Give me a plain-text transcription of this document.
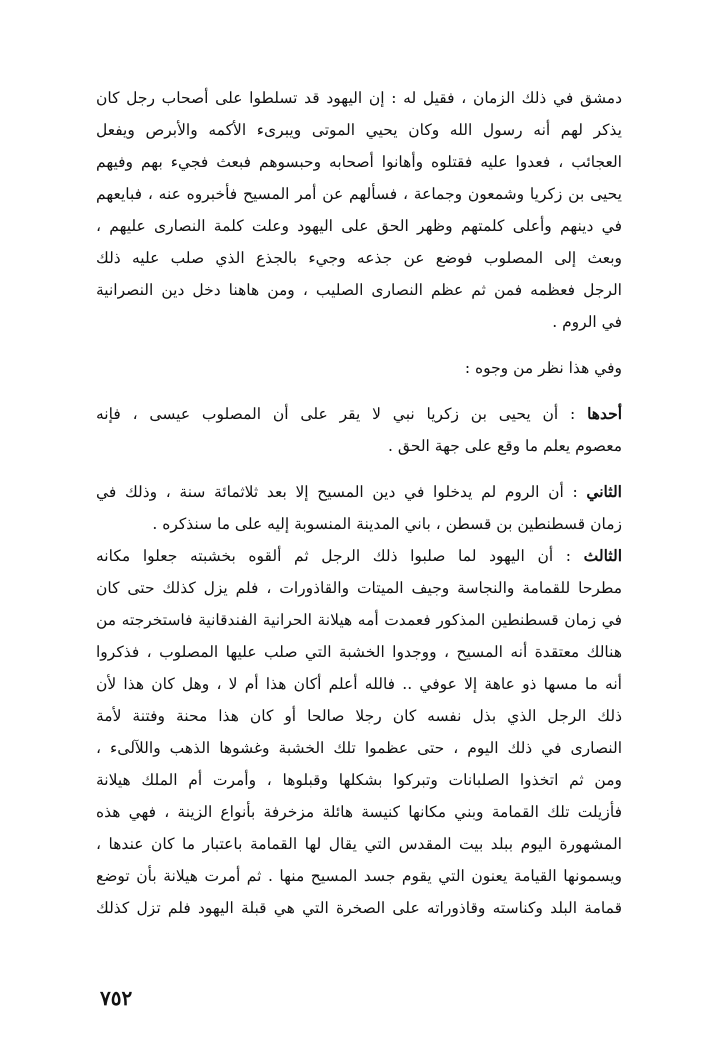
دمشق في ذلك الزمان ، فقيل له : إن اليهود قد تسلطوا على أصحاب رجل كان
يذكر لهم أنه رسول الله وكان يحيي الموتى ويبرىء الأكمه والأبرص ويفعل
العجائب ، فعدوا عليه فقتلوه وأهانوا أصحابه وحبسوهم فبعث فجيء بهم وفيهم
يحيى بن زكريا وشمعون وجماعة ، فسألهم عن أمر المسيح فأخبروه عنه ، فبايعهم
في دينهم وأعلى كلمتهم وظهر الحق على اليهود وعلت كلمة النصارى عليهم ،
وبعث إلى المصلوب فوضع عن جذعه وجيء بالجذع الذي صلب عليه ذلك
الرجل فعظمه فمن ثم عظم النصارى الصليب ، ومن هاهنا دخل دين النصرانية
في الروم .

وفي هذا نظر من وجوه :

أحدها : أن يحيى بن زكريا نبي لا يقر على أن المصلوب عيسى ، فإنه
معصوم يعلم ما وقع على جهة الحق .

الثاني : أن الروم لم يدخلوا في دين المسيح إلا بعد ثلاثمائة سنة ، وذلك في
زمان قسطنطين بن قسطن ، باني المدينة المنسوبة إليه على ما سنذكره .

الثالث : أن اليهود لما صلبوا ذلك الرجل ثم ألقوه بخشبته جعلوا مكانه
مطرحا للقمامة والنجاسة وجيف الميتات والقاذورات ، فلم يزل كذلك حتى كان
في زمان قسطنطين المذكور فعمدت أمه هيلانة الحرانية الفندقانية فاستخرجته من
هنالك معتقدة أنه المسيح ، ووجدوا الخشبة التي صلب عليها المصلوب ، فذكروا
أنه ما مسها ذو عاهة إلا عوفي .. فالله أعلم أكان هذا أم لا ، وهل كان هذا لأن
ذلك الرجل الذي بذل نفسه كان رجلا صالحا أو كان هذا محنة وفتنة لأمة
النصارى في ذلك اليوم ، حتى عظموا تلك الخشبة وغشوها الذهب واللآلىء ،
ومن ثم اتخذوا الصلبانات وتبركوا بشكلها وقبلوها ، وأمرت أم الملك هيلانة
فأزيلت تلك القمامة وبني مكانها كنيسة هائلة مزخرفة بأنواع الزينة ، فهي هذه
المشهورة اليوم ببلد بيت المقدس التي يقال لها القمامة باعتبار ما كان عندها ،
ويسمونها القيامة يعنون التي يقوم جسد المسيح منها . ثم أمرت هيلانة بأن توضع
قمامة البلد وكناسته وقاذوراته على الصخرة التي هي قبلة اليهود فلم تزل كذلك

٧٥٢
